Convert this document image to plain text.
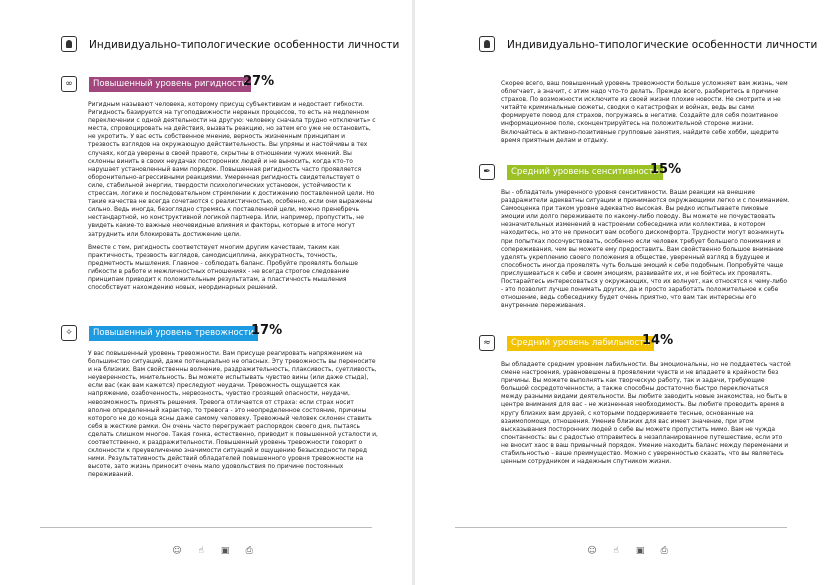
Индивидуально-типологические особенности личности
∞	Повышенный уровень ригидности
27%

Ригидным называют человека, которому присущ субъективизм и недостает гибкости. Ригидность базируется на тугоподвижности нервных процессов, то есть на медленном переключении с одной деятельности на другую: человеку сначала трудно «отключить» с места, спровоцировать на действия, вызвать реакцию, но затем его уже не остановить, не укротить. У вас есть собственное мнение, верность жизненным принципам и трезвость взглядов на окружающую действительность. Вы упрямы и настойчивы в тех случаях, когда уверены в своей правоте, скрытны в отношении чужих мнений. Вы склонны винить в своих неудачах посторонних людей и не выносить, когда кто-то нарушает установленный вами порядок. Повышенная ригидность часто проявляется оборонительно-агрессивными реакциями. Умеренная ригидность свидетельствует о силе, стабильной энергии, твердости психологических установок, устойчивости к стрессам, логике и последовательном стремлении к достижению поставленной цели. Но такие качества не всегда сочетаются с реалистичностью, особенно, если они выражены сильно. Ведь иногда, безоглядно стремясь к поставленной цели, можно пренебречь нестандартной, но конструктивной логикой партнера. Или, например, пропустить, не увидеть какие-то важные неочевидные влияния и факторы, которые в итоге могут затруднить или блокировать достижение цели.

Вместе с тем, ригидность соответствует многим другим качествам, таким как практичность, трезвость взглядов, самодисциплина, аккуратность, точность, предметность мышления. Главное - соблюдать баланс. Пробуйте проявлять больше гибкости в работе и межличностных отношениях - не всегда строгое следование принципам приводит к положительным результатам, а пластичность мышления способствует нахождению новых, неординарных решений.

✧	Повышенный уровень тревожности
17%

У вас повышенный уровень тревожности. Вам присуще реагировать напряжением на большинство ситуаций, даже потенциально не опасных. Эту тревожность вы переносите и на близких. Вам свойственны волнение, раздражительность, плаксивость, суетливость, неуверенность, мнительность. Вы можете испытывать чувство вины (или даже стыда), если вас (как вам кажется) преследуют неудачи. Тревожность ощущается как напряжение, озабоченность, нервозность, чувство грозящей опасности, неудачи, невозможность принять решения. Тревога отличается от страха: если страх носит вполне определенный характер, то тревога - это неопределенное состояние, причины которого не до конца ясны даже самому человеку. Тревожный человек склонен ставить себя в жесткие рамки. Он очень часто перегружает распорядок своего дня, пытаясь сделать слишком многое. Такая гонка, естественно, приводит к повышенной усталости и, соответственно, к раздражительности. Повышенный уровень тревожности говорит о склонности к преувеличению значимости ситуаций и ощущению безысходности перед ними. Результативность действий обладателей повышенного уровня тревожности на высоте, зато жизнь приносит очень мало удовольствия по причине постоянных переживаний.

☺ ☝ ▣ ⎙
Индивидуально-типологические особенности личности

Скорее всего, ваш повышенный уровень тревожности больше усложняет вам жизнь, чем облегчает, а значит, с этим надо что-то делать. Прежде всего, разберитесь в причине страхов. По возможности исключите из своей жизни плохие новости. Не смотрите и не читайте криминальные сюжеты, сводки о катастрофах и войнах, ведь вы сами формируете повод для страхов, погружаясь в негатив. Создайте для себя позитивное информационное поле, сконцентрируйтесь на положительной стороне жизни. Включайтесь в активно-позитивные групповые занятия, найдите себе хобби, щедрите время приятным делам и отдыху.

✒	Средний уровень сенситивности
15%

Вы - обладатель умеренного уровня сенситивности. Ваши реакции на внешние раздражители адекватны ситуации и принимаются окружающими легко и с пониманием. Самооценка при таком уровне адекватно высокая. Вы редко испытываете пиковые эмоции или долго переживаете по какому-либо поводу. Вы можете не почувствовать незначительных изменений в настроении собеседника или коллектива, в котором находитесь, но это не приносит вам особого дискомфорта. Трудности могут возникнуть при попытках посочувствовать, особенно если человек требует большего понимания и сопереживания, чем вы можете ему предоставить. Вам свойственно большое внимание уделять укреплению своего положения в обществе, уверенный взгляд в будущее и способность иногда проявлять чуть больше эмоций к себе подобным. Попробуйте чаще прислушиваться к себе и своим эмоциям, развивайте их, и не бойтесь их проявлять. Постарайтесь интересоваться у окружающих, что их волнует, как относятся к чему-либо - это позволит лучше понимать других, да и просто заработать положительное к себе отношение, ведь собеседнику будет очень приятно, что вам так интересны его внутренние переживания.

≈	Средний уровень лабильности
14%

Вы обладаете средним уровнем лабильности. Вы эмоциональны, но не поддаетесь частой смене настроения, уравновешены в проявлении чувств и не впадаете в крайности без причины. Вы можете выполнять как творческую работу, так и задачи, требующие большой сосредоточенности, а также способны достаточно быстро переключаться между разными видами деятельности. Вы любите заводить новые знакомства, но быть в центре внимания для вас - не жизненная необходимость. Вы любите проводить время в кругу близких вам друзей, с которыми поддерживаете тесные, основанные на взаимопомощи, отношения. Умение близких для вас имеет значение, при этом высказывания посторонних людей о себе вы можете пропустить мимо. Вам не чужда спонтанность: вы с радостью отправитесь в незапланированное путешествие, если это не вносит хаос в ваш привычный порядок. Умение находить баланс между переменами и стабильностью - ваше преимущество. Можно с уверенностью сказать, что вы являетесь ценным сотрудником и надежным спутником жизни.

☺ ☝ ▣ ⎙
